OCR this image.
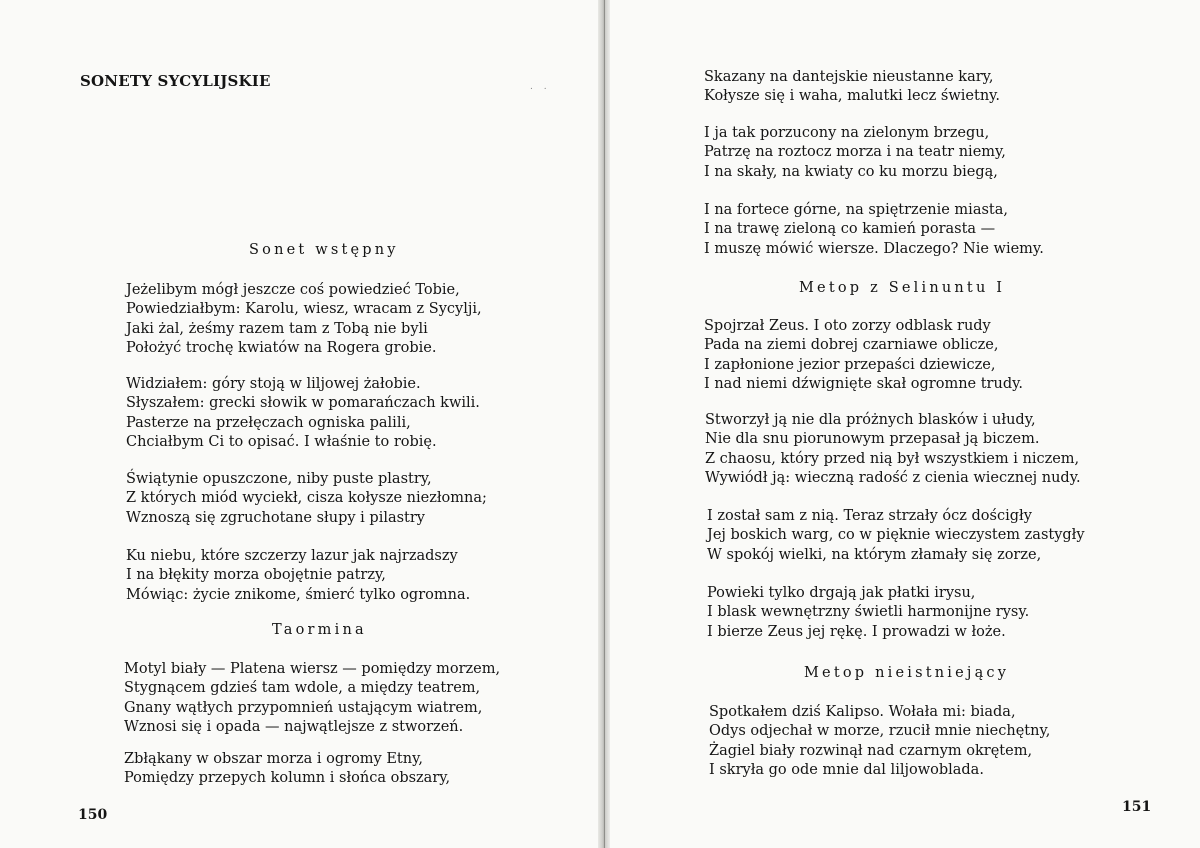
SONETY SYCYLIJSKIE	. .
Sonet wstępny
Jeżelibym mógł jeszcze coś powiedzieć Tobie,
Powiedziałbym: Karolu, wiesz, wracam z Sycylji,
Jaki żal, żeśmy razem tam z Tobą nie byli
Położyć trochę kwiatów na Rogera grobie.
Widziałem: góry stoją w liljowej żałobie.
Słyszałem: grecki słowik w pomarańczach kwili.
Pasterze na przełęczach ogniska palili,
Chciałbym Ci to opisać. I właśnie to robię.
Świątynie opuszczone, niby puste plastry,
Z których miód wyciekł, cisza kołysze niezłomna;
Wznoszą się zgruchotane słupy i pilastry
Ku niebu, które szczerzy lazur jak najrzadszy
I na błękity morza obojętnie patrzy,
Mówiąc: życie znikome, śmierć tylko ogromna.
Taormina
Motyl biały — Platena wiersz — pomiędzy morzem,
Stygnącem gdzieś tam wdole, a między teatrem,
Gnany wątłych przypomnień ustającym wiatrem,
Wznosi się i opada — najwątlejsze z stworzeń.
Zbłąkany w obszar morza i ogromy Etny,
Pomiędzy przepych kolumn i słońca obszary,

150

Skazany na dantejskie nieustanne kary,
Kołysze się i waha, malutki lecz świetny.
I ja tak porzucony na zielonym brzegu,
Patrzę na roztocz morza i na teatr niemy,
I na skały, na kwiaty co ku morzu biegą,
I na fortece górne, na spiętrzenie miasta,
I na trawę zieloną co kamień porasta —
I muszę mówić wiersze. Dlaczego? Nie wiemy.
Metop z Selinuntu I
Spojrzał Zeus. I oto zorzy odblask rudy
Pada na ziemi dobrej czarniawe oblicze,
I zapłonione jezior przepaści dziewicze,
I nad niemi dźwignięte skał ogromne trudy.
Stworzył ją nie dla próżnych blasków i ułudy,
Nie dla snu piorunowym przepasał ją biczem.
Z chaosu, który przed nią był wszystkiem i niczem,
Wywiódł ją: wieczną radość z cienia wiecznej nudy.
I został sam z nią. Teraz strzały ócz dościgły
Jej boskich warg, co w pięknie wieczystem zastygły
W spokój wielki, na którym złamały się zorze,
Powieki tylko drgają jak płatki irysu,
I blask wewnętrzny świetli harmonijne rysy.
I bierze Zeus jej rękę. I prowadzi w łoże.
Metop nieistniejący
Spotkałem dziś Kalipso. Wołała mi: biada,
Odys odjechał w morze, rzucił mnie niechętny,
Żagiel biały rozwinął nad czarnym okrętem,
I skryła go ode mnie dal liljowoblada.

151
